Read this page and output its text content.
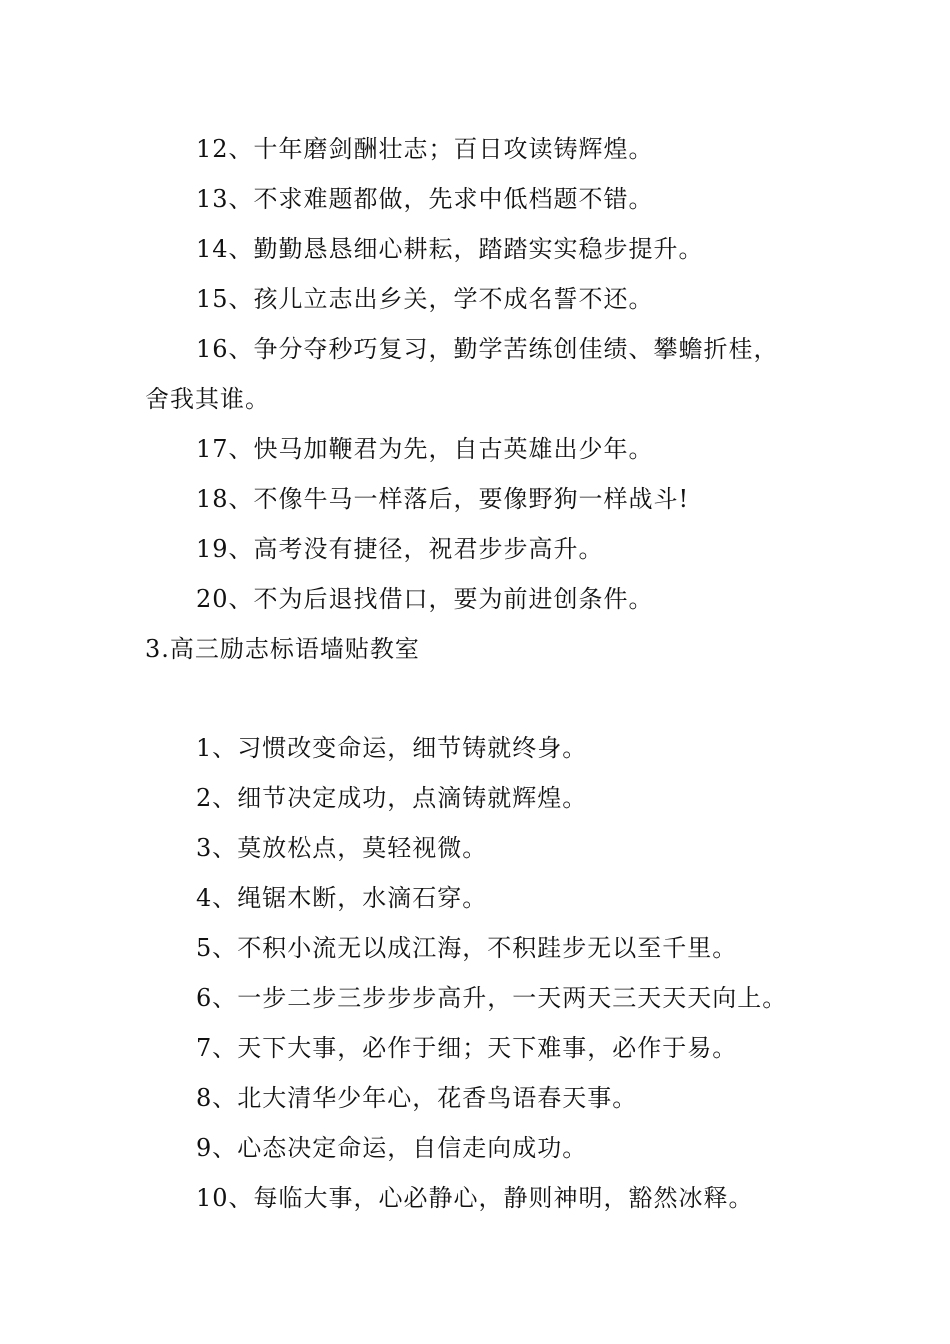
12、十年磨剑酬壮志；百日攻读铸辉煌。
13、不求难题都做，先求中低档题不错。
14、勤勤恳恳细心耕耘，踏踏实实稳步提升。
15、孩儿立志出乡关，学不成名誓不还。
16、争分夺秒巧复习，勤学苦练创佳绩、攀蟾折桂，
舍我其谁。
17、快马加鞭君为先，自古英雄出少年。
18、不像牛马一样落后，要像野狗一样战斗!
19、高考没有捷径，祝君步步高升。
20、不为后退找借口，要为前进创条件。
3.高三励志标语墙贴教室
1、习惯改变命运，细节铸就终身。
2、细节决定成功，点滴铸就辉煌。
3、莫放松点，莫轻视微。
4、绳锯木断，水滴石穿。
5、不积小流无以成江海，不积跬步无以至千里。
6、一步二步三步步步高升，一天两天三天天天向上。
7、天下大事，必作于细；天下难事，必作于易。
8、北大清华少年心，花香鸟语春天事。
9、心态决定命运，自信走向成功。
10、每临大事，心必静心，静则神明，豁然冰释。
